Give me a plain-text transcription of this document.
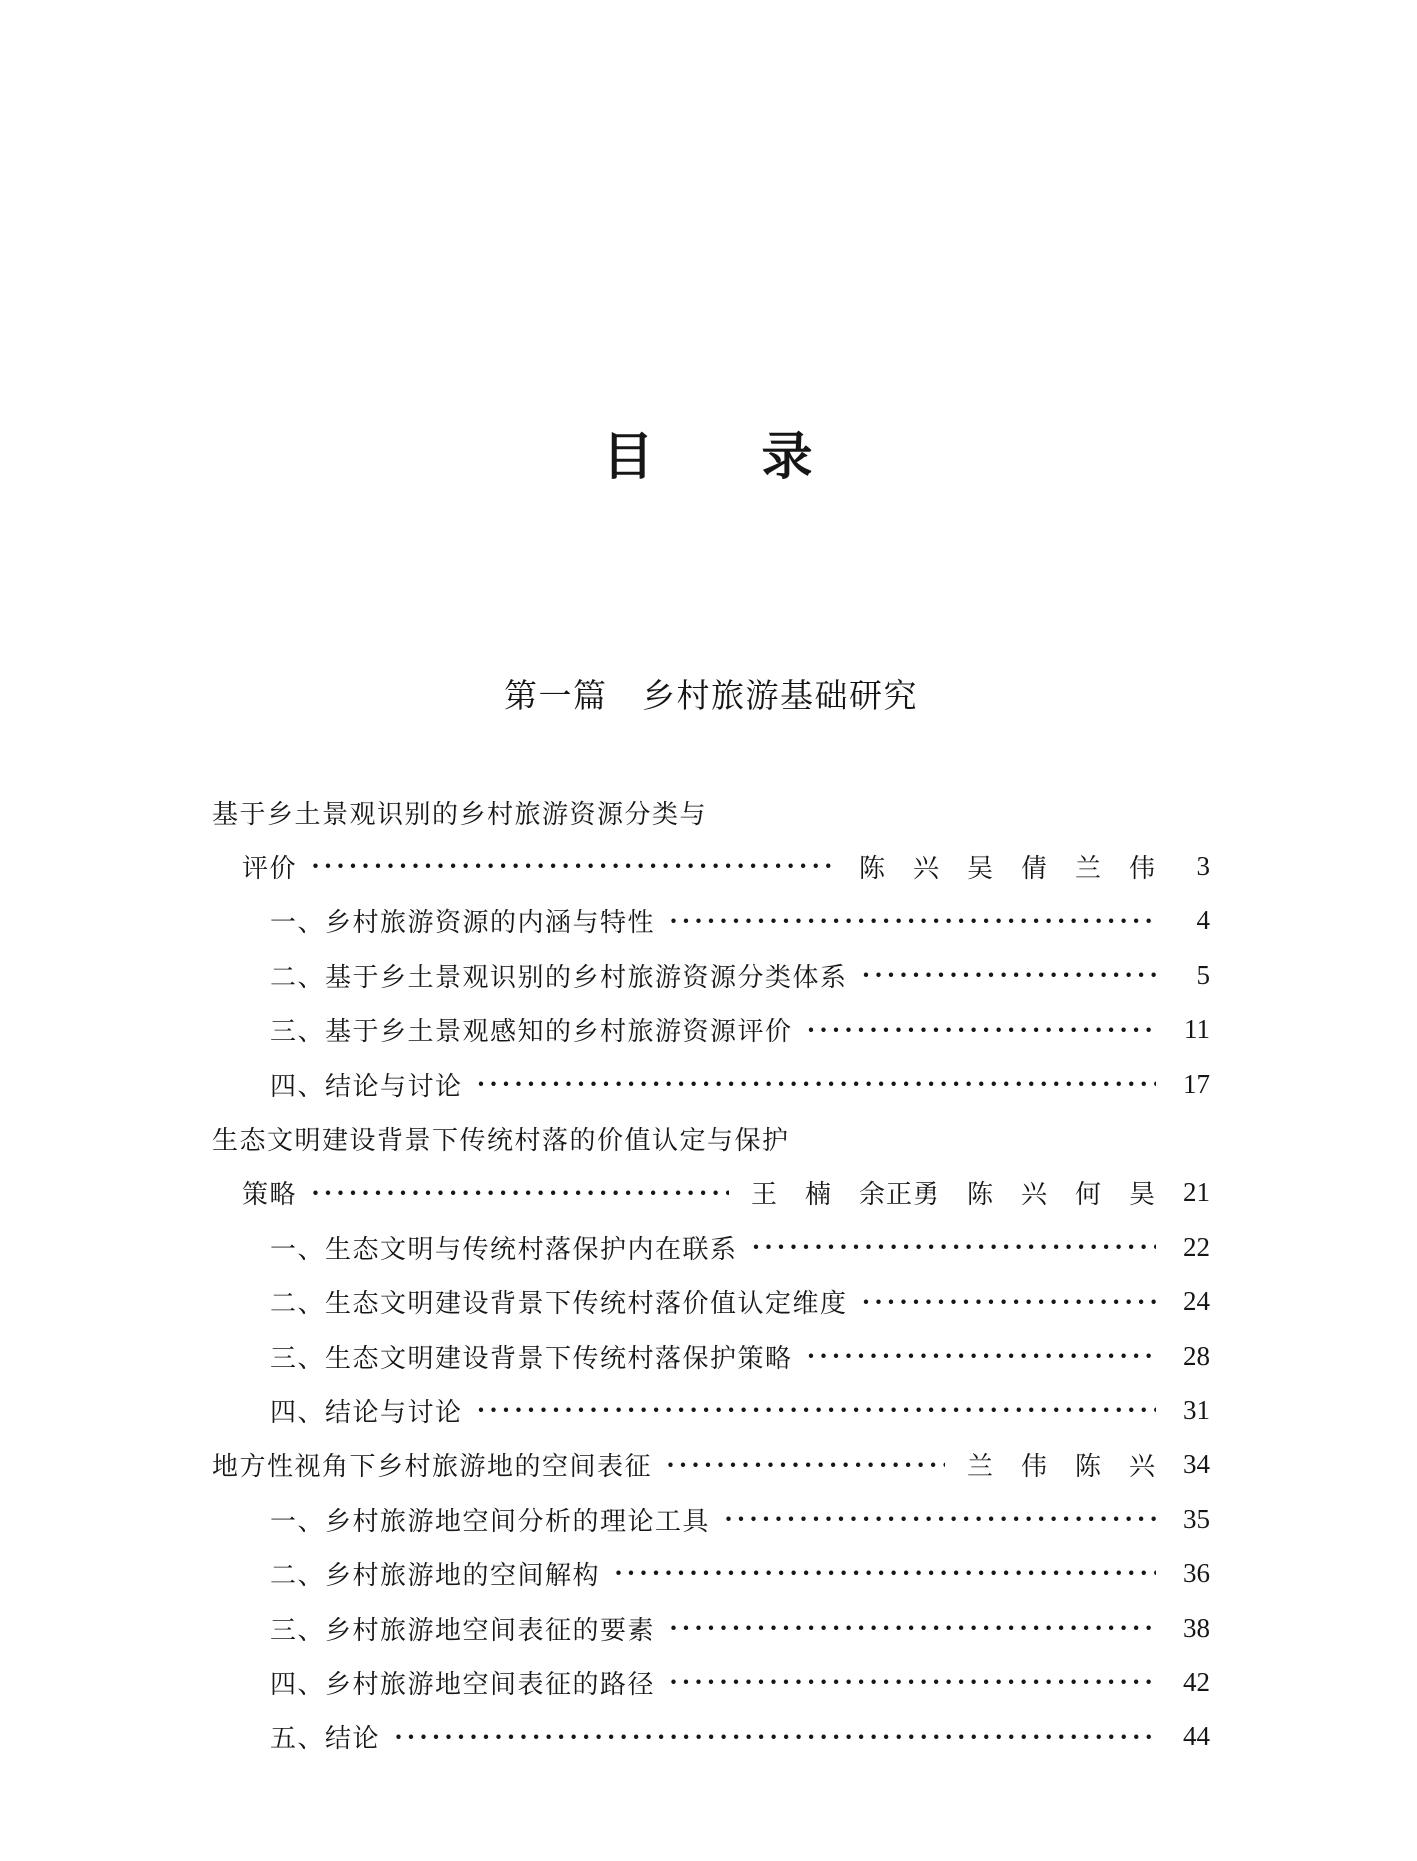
目　　录
第一篇　乡村旅游基础研究
基于乡土景观识别的乡村旅游资源分类与
评价 ·····	陈　兴　吴　倩　兰　伟	3
一、乡村旅游资源的内涵与特性 ·····	4
二、基于乡土景观识别的乡村旅游资源分类体系 ·····	5
三、基于乡土景观感知的乡村旅游资源评价 ·····	11
四、结论与讨论 ·····	17
生态文明建设背景下传统村落的价值认定与保护
策略 ·····	王　楠　余正勇　陈　兴　何　昊	21
一、生态文明与传统村落保护内在联系 ·····	22
二、生态文明建设背景下传统村落价值认定维度 ·····	24
三、生态文明建设背景下传统村落保护策略 ·····	28
四、结论与讨论 ·····	31
地方性视角下乡村旅游地的空间表征 ·····	兰　伟　陈　兴	34
一、乡村旅游地空间分析的理论工具 ·····	35
二、乡村旅游地的空间解构 ·····	36
三、乡村旅游地空间表征的要素 ·····	38
四、乡村旅游地空间表征的路径 ·····	42
五、结论 ·····	44
